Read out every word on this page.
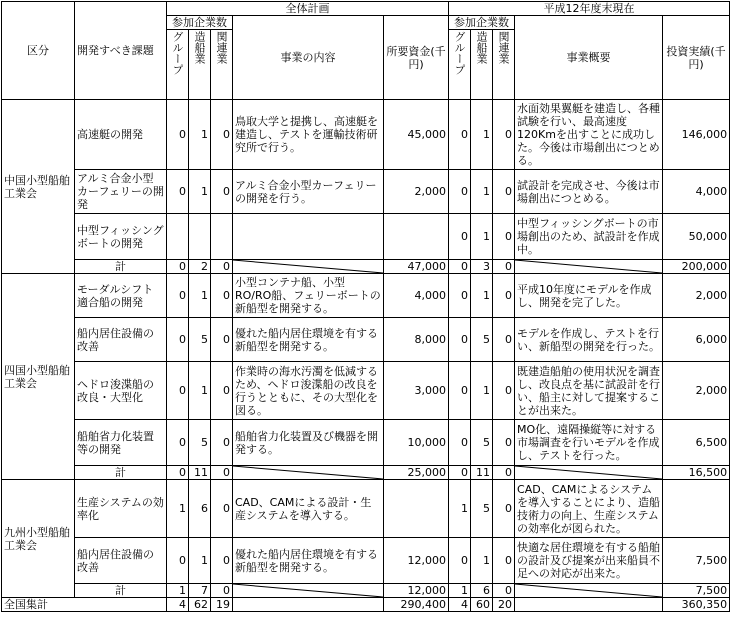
区分	開発すべき課題	全体計画					平成12年度末現在				
		参加企業数			事業の内容	所要資金(千円)	参加企業数			事業概要	投資実績(千円)

		グループ	造船業	関連業			グループ	造船業	関連業		

中国小型船舶工業会	高速艇の開発	0	1	0	鳥取大学と提携し、高速艇を建造し、テストを運輸技術研究所で行う。	45,000	0	1	0	水面効果翼艇を建造し、各種試験を行い、最高速度120Kmを出すことに成功した。今後は市場創出につとめる。	146,000
	アルミ合金小型カーフェリーの開発	0	1	0	アルミ合金小型カーフェリーの開発を行う。	2,000	0	1	0	試設計を完成させ、今後は市場創出につとめる。	4,000
	中型フィッシングボートの開発						0	1	0	中型フィッシングボートの市場創出のため、試設計を作成中。	50,000
	計	0	2	0		47,000	0	3	0		200,000
四国小型船舶工業会	モーダルシフト適合船の開発	0	1	0	小型コンテナ船、小型RO/RO船、フェリーボートの新船型を開発する。	4,000	0	1	0	平成10年度にモデルを作成し、開発を完了した。	2,000
	船内居住設備の改善	0	5	0	優れた船内居住環境を有する新船型を開発する。	8,000	0	5	0	モデルを作成し、テストを行い、新船型の開発を行った。	6,000
	ヘドロ浚渫船の改良・大型化	0	1	0	作業時の海水汚濁を低減するため、ヘドロ浚渫船の改良を行うとともに、その大型化を図る。	3,000	0	1	0	既建造船舶の使用状況を調査し、改良点を基に試設計を行い、船主に対して提案することが出来た。	2,000
	船舶省力化装置等の開発	0	5	0	船舶省力化装置及び機器を開発する。	10,000	0	5	0	MO化、遠隔操縦等に対する市場調査を行いモデルを作成し、テストを行った。	6,500
	計	0	11	0		25,000	0	11	0		16,500
九州小型船舶工業会	生産システムの効率化	1	6	0	CAD、CAMによる設計・生産システムを導入する。		1	5	0	CAD、CAMによるシステムを導入することにより、造船技術力の向上、生産システムの効率化が図られた。	
	船内居住設備の改善	0	1	0	優れた船内居住環境を有する新船型を開発する。	12,000	0	1	0	快適な居住環境を有する船舶の設計及び提案が出来船員不足への対応が出来た。	7,500
	計	1	7	0		12,000	1	6	0		7,500
全国集計		4	62	19		290,400	4	60	20		360,350
